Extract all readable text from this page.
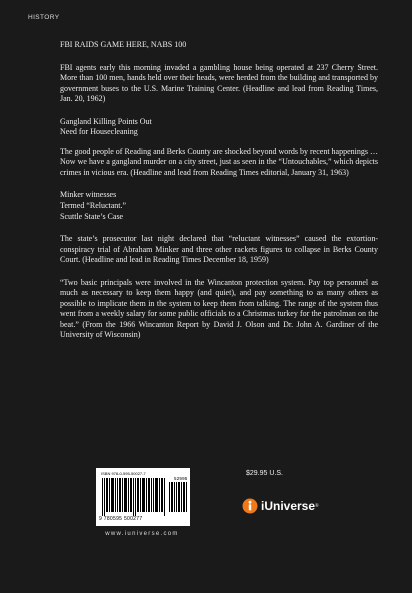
HISTORY

FBI RAIDS GAME HERE, NABS 100

FBI agents early this morning invaded a gambling house being operated at 237 Cherry Street. More than 100 men, hands held over their heads, were herded from the building and transported by government buses to the U.S. Marine Training Center. (Headline and lead from Reading Times, Jan. 20, 1962)

Gangland Killing Points Out

Need for Housecleaning

The good people of Reading and Berks County are shocked beyond words by recent happenings … Now we have a gangland murder on a city street, just as seen in the “Untouchables,” which depicts crimes in vicious era. (Headline and lead from Reading Times editorial, January 31, 1963)

Minker witnesses

Termed “Reluctant.”

Scuttle State’s Case

The state’s prosecutor last night declared that “reluctant witnesses” caused the extortion-conspiracy trial of Abraham Minker and three other rackets figures to collapse in Berks County Court. (Headline and lead in Reading Times December 18, 1959)

“Two basic principals were involved in the Wincanton protection system. Pay top personnel as much as necessary to keep them happy (and quiet), and pay something to as many others as possible to implicate them in the system to keep them from talking. The range of the system thus went from a weekly salary for some public officials to a Christmas turkey for the patrolman on the beat.” (From the 1966 Wincanton Report by David J. Olson and Dr. John A. Gardiner of the University of Wisconsin)

ISBN 978-0-595-50027-7
52995
9 780595 500277
www.iuniverse.com
$29.95 U.S.
iUniverse ®
